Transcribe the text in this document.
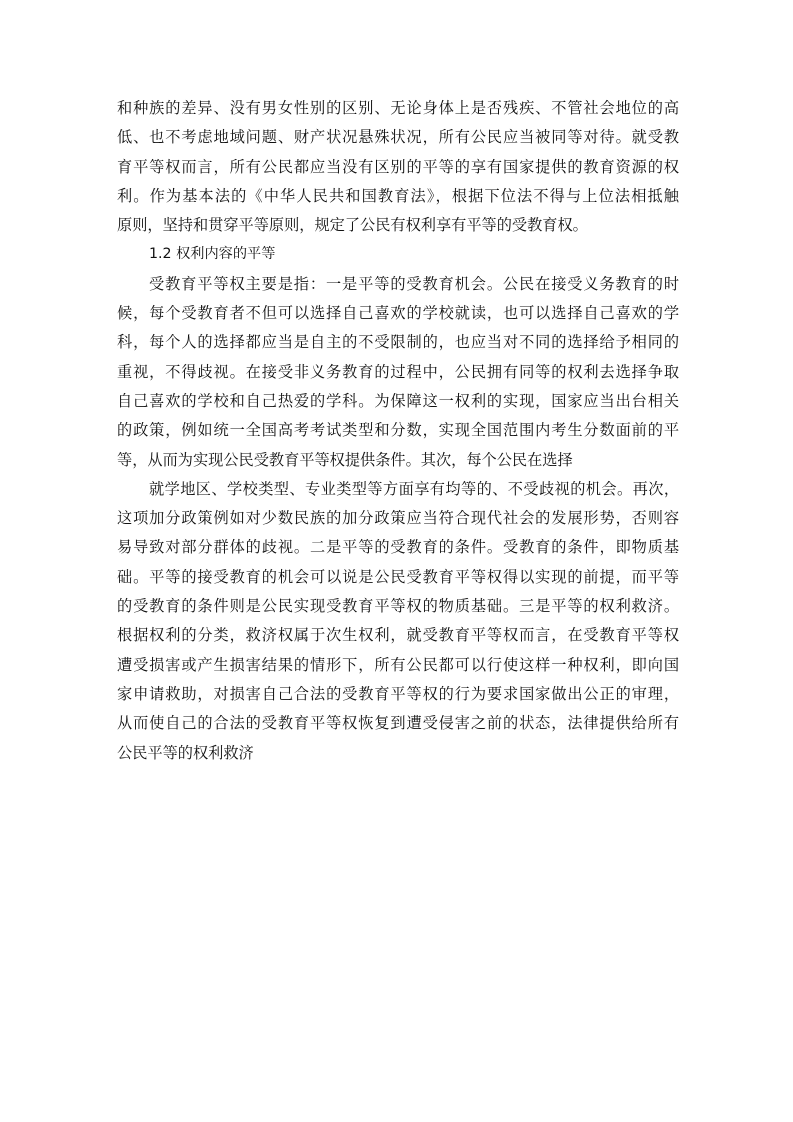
和种族的差异、没有男女性别的区别、无论身体上是否残疾、不管社会地位的高
低、也不考虑地域问题、财产状况悬殊状况，所有公民应当被同等对待。就受教
育平等权而言，所有公民都应当没有区别的平等的享有国家提供的教育资源的权
利。作为基本法的《中华人民共和国教育法》，根据下位法不得与上位法相抵触
原则，坚持和贯穿平等原则，规定了公民有权利享有平等的受教育权。
1.2 权利内容的平等
受教育平等权主要是指：一是平等的受教育机会。公民在接受义务教育的时
候，每个受教育者不但可以选择自己喜欢的学校就读，也可以选择自己喜欢的学
科，每个人的选择都应当是自主的不受限制的，也应当对不同的选择给予相同的
重视，不得歧视。在接受非义务教育的过程中，公民拥有同等的权利去选择争取
自己喜欢的学校和自己热爱的学科。为保障这一权利的实现，国家应当出台相关
的政策，例如统一全国高考考试类型和分数，实现全国范围内考生分数面前的平
等，从而为实现公民受教育平等权提供条件。其次，每个公民在选择
就学地区、学校类型、专业类型等方面享有均等的、不受歧视的机会。再次，
这项加分政策例如对少数民族的加分政策应当符合现代社会的发展形势，否则容
易导致对部分群体的歧视。二是平等的受教育的条件。受教育的条件，即物质基
础。平等的接受教育的机会可以说是公民受教育平等权得以实现的前提，而平等
的受教育的条件则是公民实现受教育平等权的物质基础。三是平等的权利救济。
根据权利的分类，救济权属于次生权利，就受教育平等权而言，在受教育平等权
遭受损害或产生损害结果的情形下，所有公民都可以行使这样一种权利，即向国
家申请救助，对损害自己合法的受教育平等权的行为要求国家做出公正的审理，
从而使自己的合法的受教育平等权恢复到遭受侵害之前的状态，法律提供给所有
公民平等的权利救济
